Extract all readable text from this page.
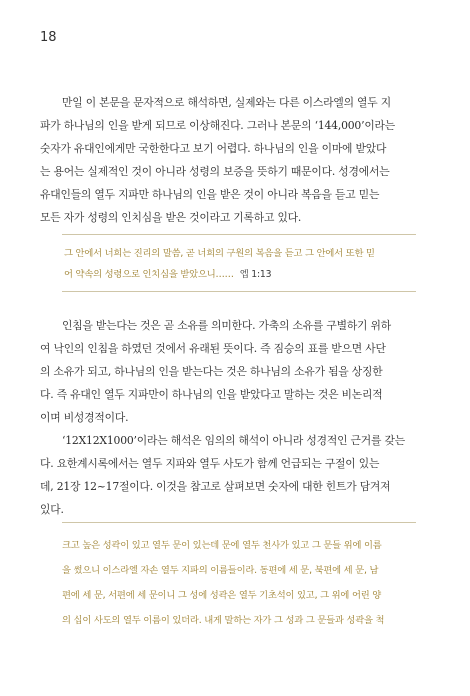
18

만일 이 본문을 문자적으로 해석하면, 실제와는 다른 이스라엘의 열두 지

파가 하나님의 인을 받게 되므로 이상해진다. 그러나 본문의 ‘144,000’이라는

숫자가 유대인에게만 국한한다고 보기 어렵다. 하나님의 인을 이마에 받았다

는 용어는 실제적인 것이 아니라 성령의 보증을 뜻하기 때문이다. 성경에서는

유대인들의 열두 지파만 하나님의 인을 받은 것이 아니라 복음을 듣고 믿는

모든 자가 성령의 인치심을 받은 것이라고 기록하고 있다.

그 안에서 너희는 진리의 말씀, 곧 너희의 구원의 복음을 듣고 그 안에서 또한 믿
어 약속의 성령으로 인치심을 받았으니…… 엡 1:13

인침을 받는다는 것은 곧 소유를 의미한다. 가축의 소유를 구별하기 위하

여 낙인의 인침을 하였던 것에서 유래된 뜻이다. 즉 짐승의 표를 받으면 사단

의 소유가 되고, 하나님의 인을 받는다는 것은 하나님의 소유가 됨을 상징한

다. 즉 유대인 열두 지파만이 하나님의 인을 받았다고 말하는 것은 비논리적

이며 비성경적이다.

‘12X12X1000’이라는 해석은 임의의 해석이 아니라 성경적인 근거를 갖는

다. 요한계시록에서는 열두 지파와 열두 사도가 함께 언급되는 구절이 있는

데, 21장 12~17절이다. 이것을 참고로 살펴보면 숫자에 대한 힌트가 담겨져

있다.

크고 높은 성곽이 있고 열두 문이 있는데 문에 열두 천사가 있고 그 문들 위에 이름

을 썼으니 이스라엘 자손 열두 지파의 이름들이라. 동편에 세 문, 북편에 세 문, 남

편에 세 문, 서편에 세 문이니 그 성에 성곽은 열두 기초석이 있고, 그 위에 어린 양

의 십이 사도의 열두 이름이 있더라. 내게 말하는 자가 그 성과 그 문들과 성곽을 척
